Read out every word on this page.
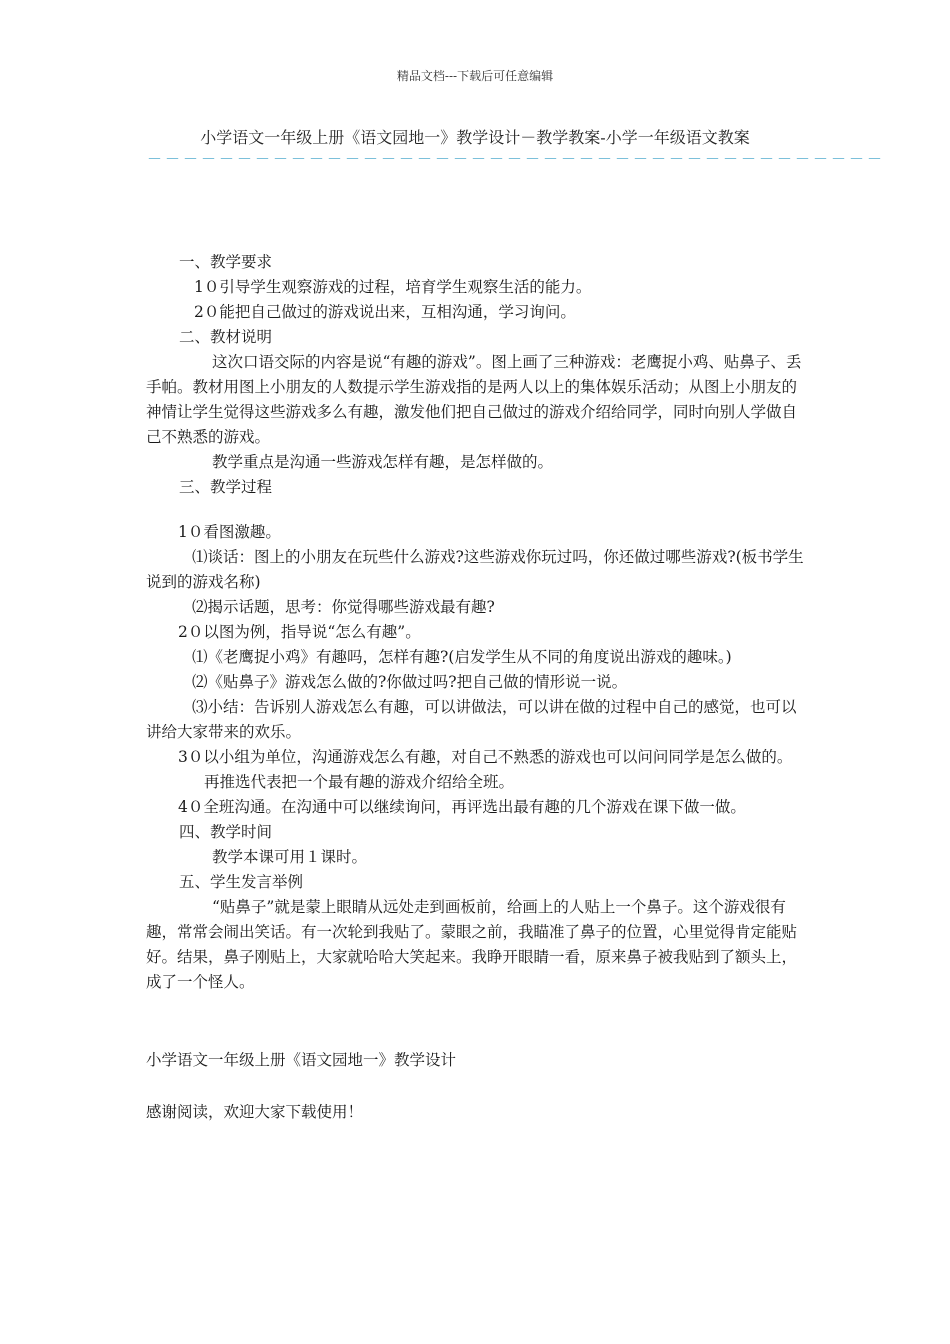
精品文档---下载后可任意编辑
小学语文一年级上册《语文园地一》教学设计－教学教案-小学一年级语文教案
－－－－－－－－－－－－－－－－－－－－－－－－－－－－－－－－－－－－－－－－－

一、教学要求

1０引导学生观察游戏的过程，培育学生观察生活的能力。

2０能把自己做过的游戏说出来，互相沟通，学习询问。

二、教材说明

这次口语交际的内容是说“有趣的游戏”。图上画了三种游戏：老鹰捉小鸡、贴鼻子、丢手帕。教材用图上小朋友的人数提示学生游戏指的是两人以上的集体娱乐活动；从图上小朋友的神情让学生觉得这些游戏多么有趣，激发他们把自己做过的游戏介绍给同学，同时向别人学做自己不熟悉的游戏。

教学重点是沟通一些游戏怎样有趣，是怎样做的。

三、教学过程

1０看图激趣。

⑴谈话：图上的小朋友在玩些什么游戏?这些游戏你玩过吗，你还做过哪些游戏?(板书学生说到的游戏名称)

⑵揭示话题，思考：你觉得哪些游戏最有趣?

2０以图为例，指导说“怎么有趣”。

⑴《老鹰捉小鸡》有趣吗，怎样有趣?(启发学生从不同的角度说出游戏的趣味。)

⑵《贴鼻子》游戏怎么做的?你做过吗?把自己做的情形说一说。

⑶小结：告诉别人游戏怎么有趣，可以讲做法，可以讲在做的过程中自己的感觉，也可以讲给大家带来的欢乐。

3０以小组为单位，沟通游戏怎么有趣，对自己不熟悉的游戏也可以问问同学是怎么做的。

再推选代表把一个最有趣的游戏介绍给全班。

4０全班沟通。在沟通中可以继续询问，再评选出最有趣的几个游戏在课下做一做。

四、教学时间

教学本课可用１课时。

五、学生发言举例

“贴鼻子”就是蒙上眼睛从远处走到画板前，给画上的人贴上一个鼻子。这个游戏很有趣，常常会闹出笑话。有一次轮到我贴了。蒙眼之前，我瞄准了鼻子的位置，心里觉得肯定能贴好。结果，鼻子刚贴上，大家就哈哈大笑起来。我睁开眼睛一看，原来鼻子被我贴到了额头上，成了一个怪人。

小学语文一年级上册《语文园地一》教学设计
感谢阅读，欢迎大家下载使用！
